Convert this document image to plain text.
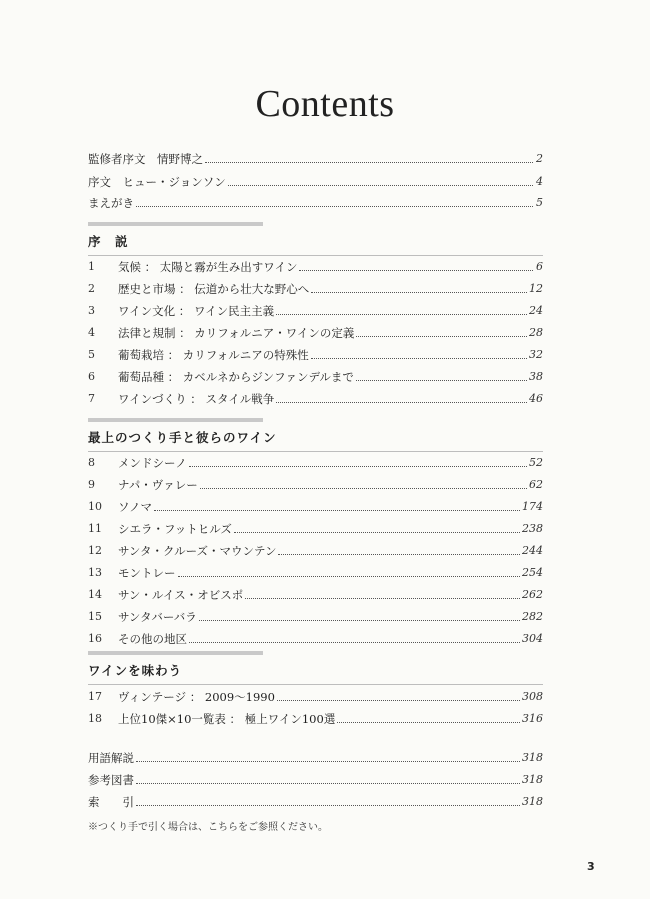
Contents
監修者序文　情野博之	2
序文　ヒュー・ジョンソン	4
まえがき	5
序　説
1	気候 ： 太陽と霧が生み出すワイン	6
2	歴史と市場 ： 伝道から壮大な野心へ	12
3	ワイン文化 ： ワイン民主主義	24
4	法律と規制 ： カリフォルニア・ワインの定義	28
5	葡萄栽培 ： カリフォルニアの特殊性	32
6	葡萄品種 ： カベルネからジンファンデルまで	38
7	ワインづくり ： スタイル戦争	46
最上のつくり手と彼らのワイン
8	メンドシーノ	52
9	ナパ・ヴァレー	62
10	ソノマ	174
11	シエラ・フットヒルズ	238
12	サンタ・クルーズ・マウンテン	244
13	モントレー	254
14	サン・ルイス・オビスポ	262
15	サンタバーバラ	282
16	その他の地区	304
ワインを味わう
17	ヴィンテージ ： 2009～1990	308
18	上位10傑×10一覧表 ： 極上ワイン100選	316
用語解説	318
参考図書	318
索　　引	318
※つくり手で引く場合は、こちらをご参照ください。
3
